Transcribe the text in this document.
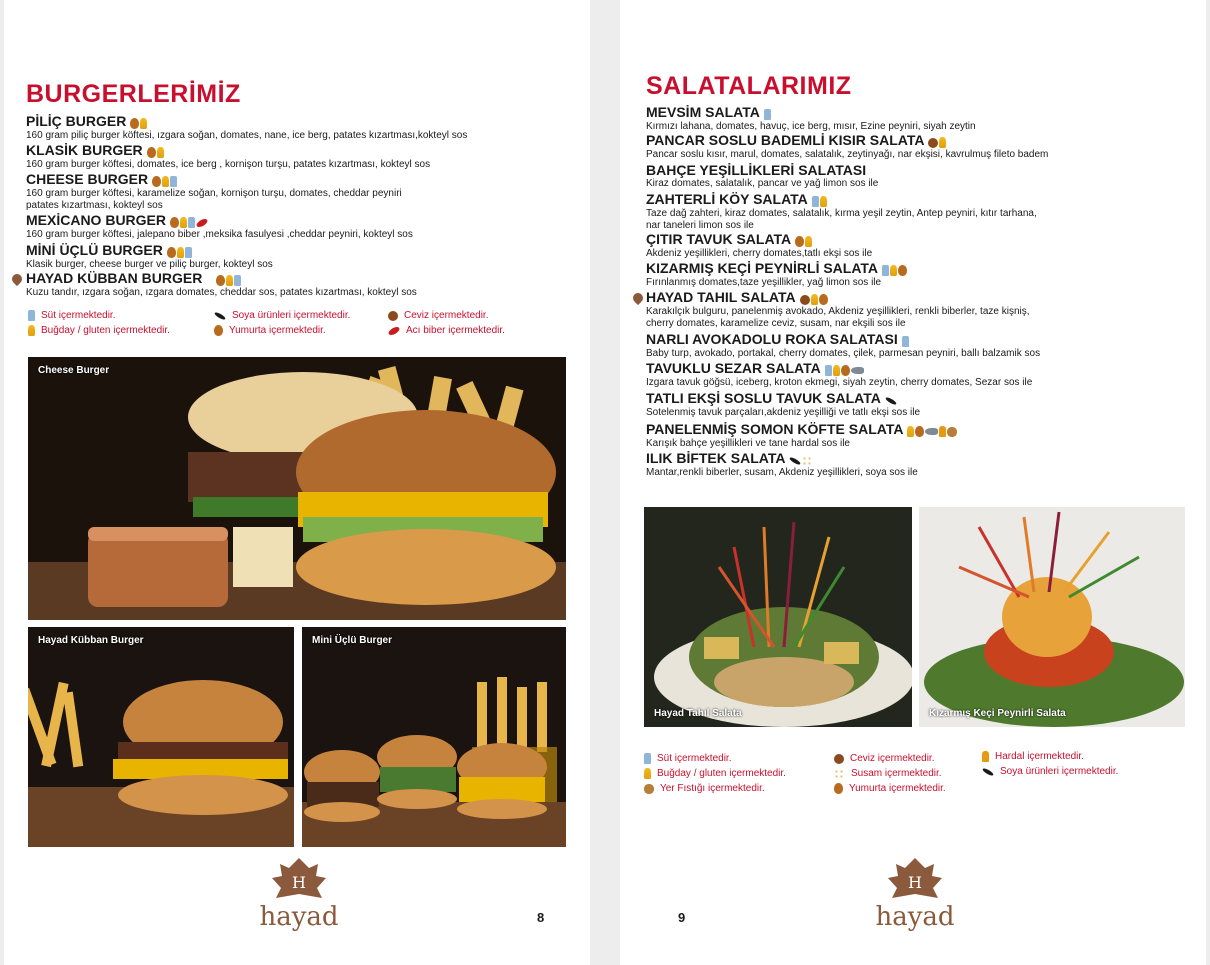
BURGERLERİMİZ
PİLİÇ BURGER
160 gram piliç burger köftesi, ızgara soğan, domates, nane, ice berg, patates kızartması,kokteyl sos
KLASİK BURGER
160 gram burger köftesi, domates, ice berg , kornişon turşu, patates kızartması, kokteyl sos
CHEESE BURGER
160 gram burger köftesi, karamelize soğan, kornişon turşu, domates, cheddar peyniri
patates kızartması, kokteyl sos
MEXİCANO BURGER
160 gram burger köftesi, jalepano biber ,meksika fasulyesi ,cheddar peyniri, kokteyl sos
MİNİ ÜÇLÜ BURGER
Klasik burger, cheese burger ve piliç burger, kokteyl sos
HAYAD KÜBBAN BURGER
Kuzu tandır, ızgara soğan, ızgara domates, cheddar sos, patates kızartması, kokteyl sos
Süt içermektedir.
Buğday / gluten içermektedir.
Soya ürünleri içermektedir.
Yumurta içermektedir.
Ceviz içermektedir.
Acı biber içermektedir.
Cheese Burger
Hayad Kübban Burger	Mini Üçlü Burger
H
hayad	8
SALATALARIMIZ
MEVSİM SALATA
Kırmızı lahana, domates, havuç, ice berg, mısır, Ezine peyniri, siyah zeytin
PANCAR SOSLU BADEMLİ KISIR SALATA
Pancar soslu kısır, marul, domates, salatalık, zeytinyağı, nar ekşisi, kavrulmuş fileto badem
BAHÇE YEŞİLLİKLERİ SALATASI
Kiraz domates, salatalık, pancar ve yağ limon sos ile
ZAHTERLİ KÖY SALATA
Taze dağ zahteri, kiraz domates, salatalık, kırma yeşil zeytin, Antep peyniri, kıtır tarhana,
nar taneleri limon sos ile
ÇITIR TAVUK SALATA
Akdeniz yeşillikleri, cherry domates,tatlı ekşi sos ile
KIZARMIŞ KEÇİ PEYNİRLİ SALATA
Fırınlanmış domates,taze yeşillikler, yağ limon sos ile
HAYAD TAHIL SALATA
Karakılçık bulguru, panelenmiş avokado, Akdeniz yeşillikleri, renkli biberler, taze kişniş,
cherry domates, karamelize ceviz, susam, nar ekşili sos ile
NARLI AVOKADOLU ROKA SALATASI
Baby turp, avokado, portakal, cherry domates, çilek, parmesan peyniri, ballı balzamik sos
TAVUKLU SEZAR SALATA
Izgara tavuk göğsü, iceberg, kroton ekmegi, siyah zeytin, cherry domates, Sezar sos ile
TATLI EKŞİ SOSLU TAVUK SALATA
Sotelenmiş tavuk parçaları,akdeniz yeşilliği ve tatlı ekşi sos ile
PANELENMİŞ SOMON KÖFTE SALATA
Karışık bahçe yeşillikleri ve tane hardal sos ile
ILIK BİFTEK SALATA
Mantar,renkli biberler, susam, Akdeniz yeşillikleri, soya sos ile
Hayad Tahıl Salata	Kızarmış Keçi Peynirli Salata
Süt içermektedir.
Buğday / gluten içermektedir.
Yer Fıstığı içermektedir.
Ceviz içermektedir.
Susam içermektedir.
Yumurta içermektedir.
Hardal içermektedir.
Soya ürünleri içermektedir.
9
H
hayad
